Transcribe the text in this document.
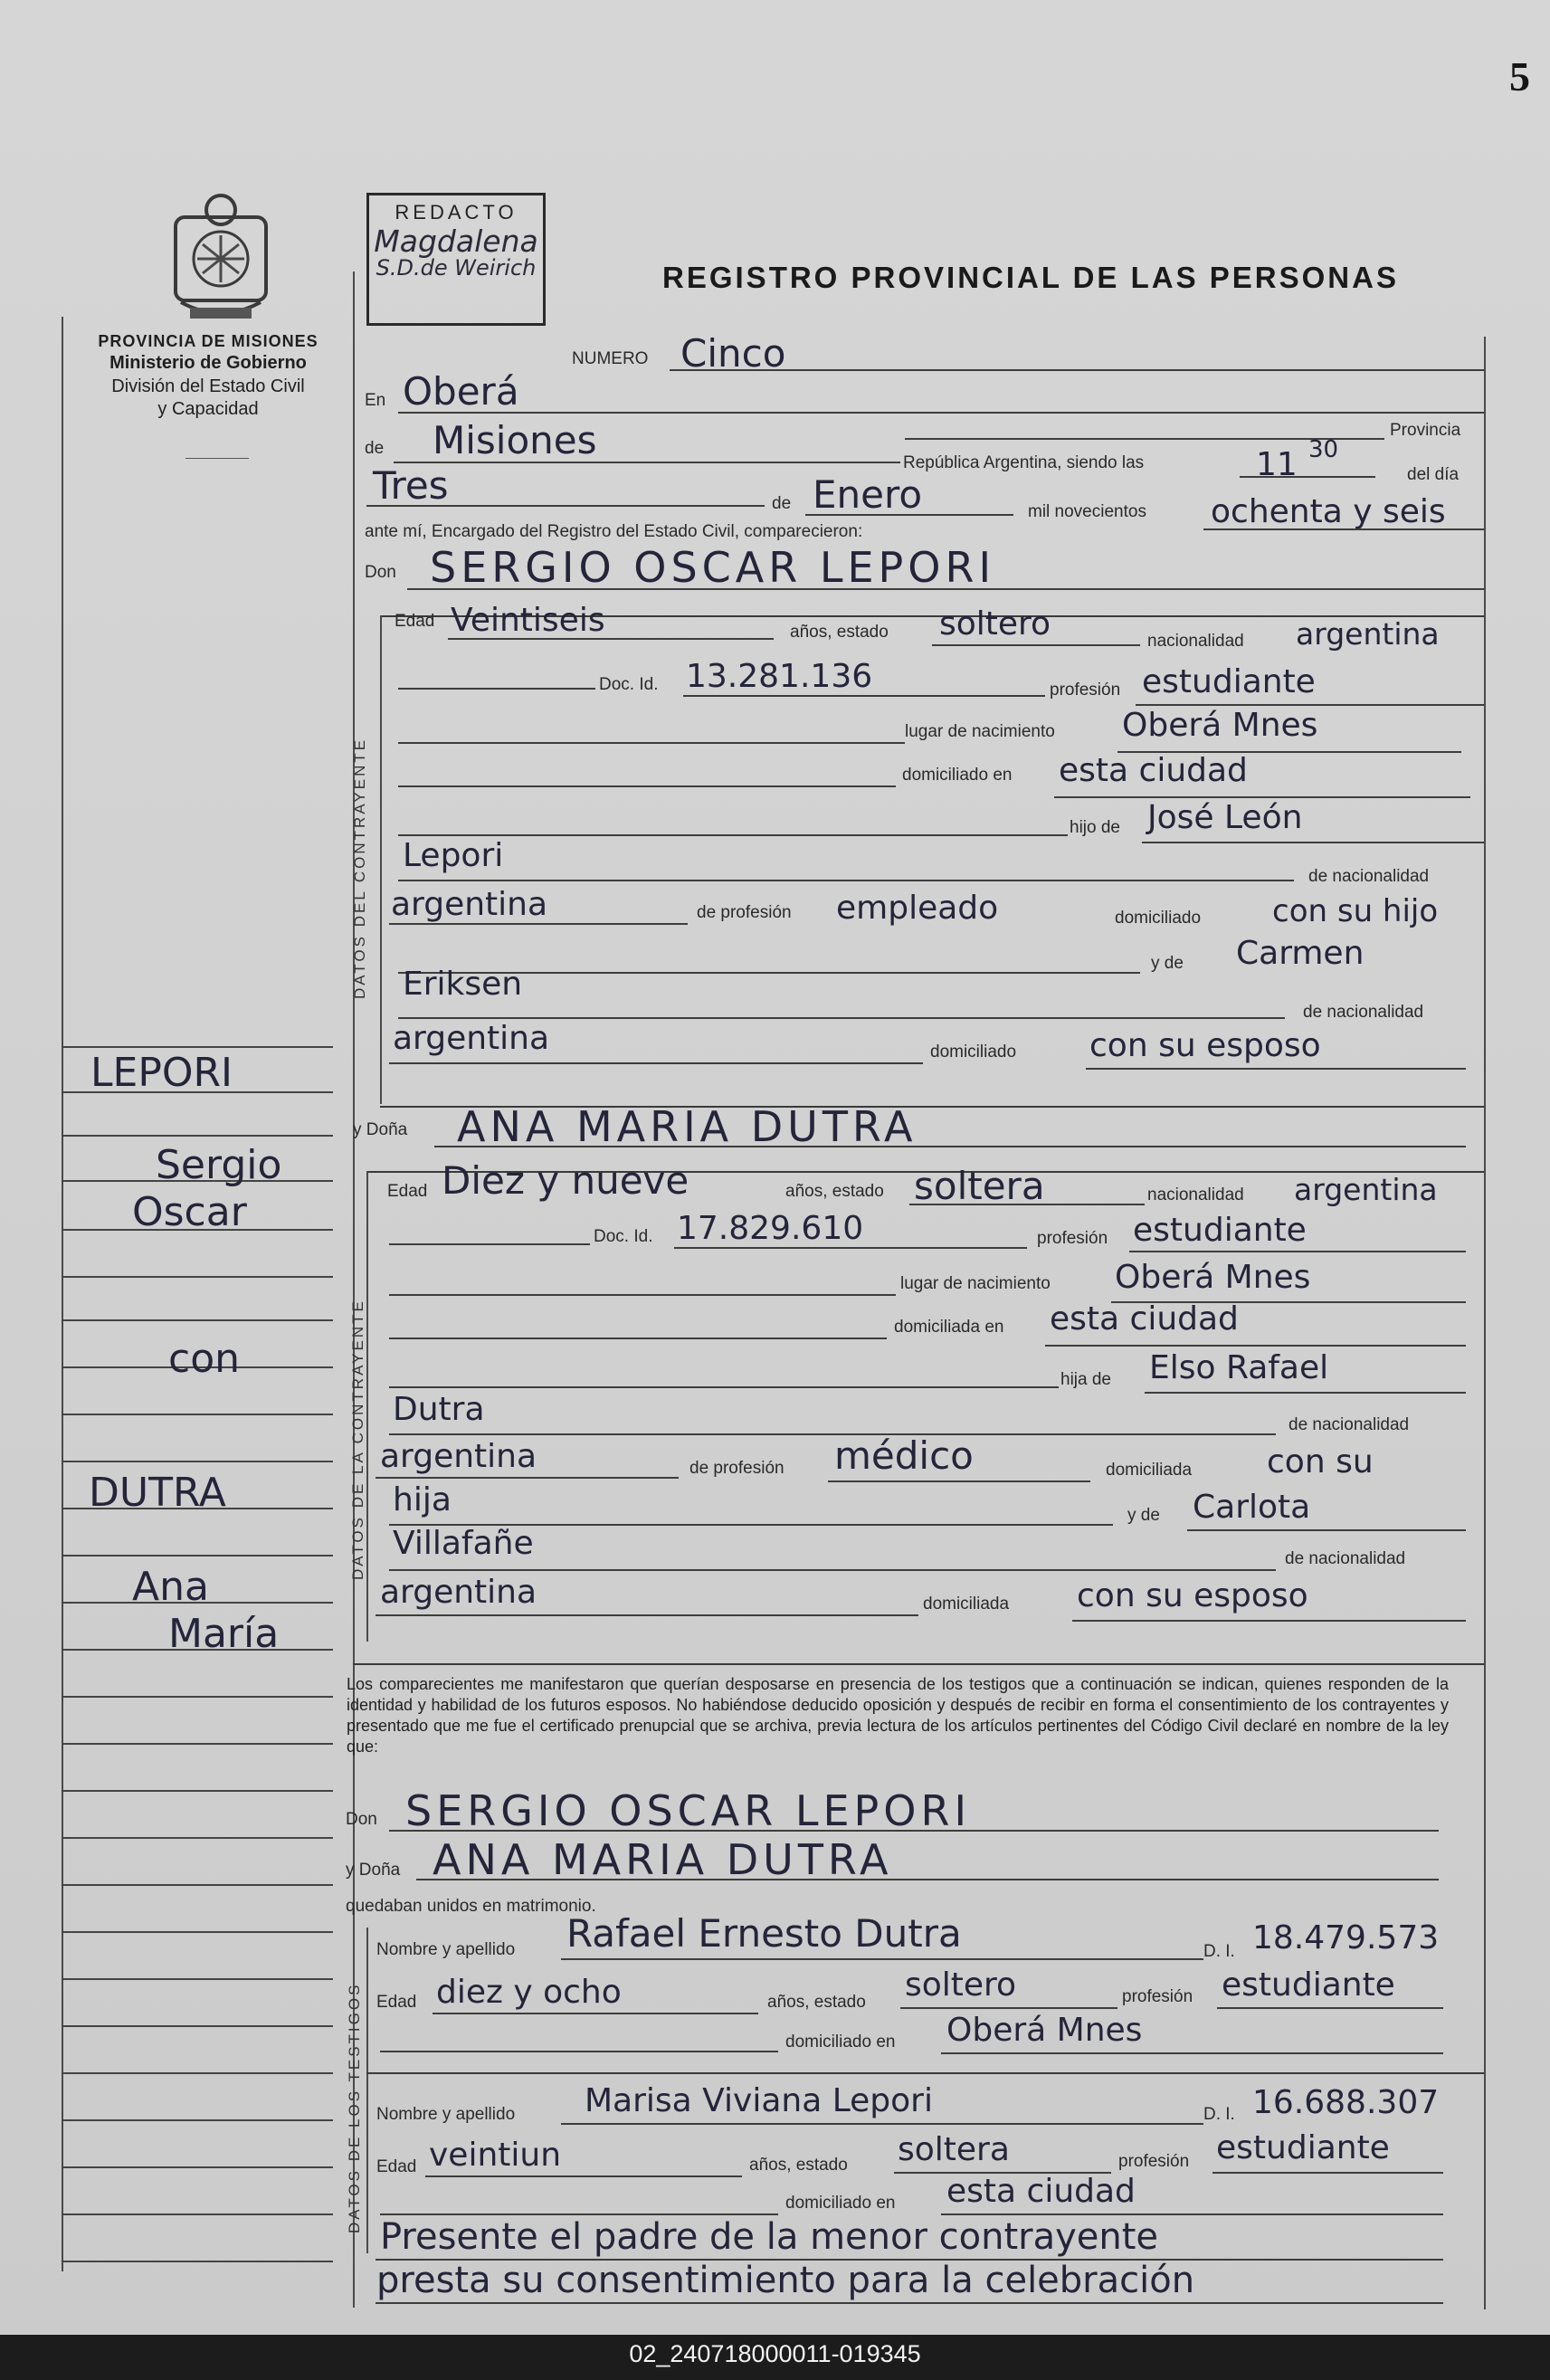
5
PROVINCIA DE MISIONES
Ministerio de Gobierno
División del Estado Civil
y Capacidad
REDACTO
Magdalena
S.D.de Weirich	REGISTRO PROVINCIAL DE LAS PERSONAS
NUMERO Cinco
En Oberá
Provincia
de Misiones
República Argentina, siendo las	11 30
del día
Tres	de Enero	mil novecientos ochenta y seis
ante mí, Encargado del Registro del Estado Civil, comparecieron:
Don SERGIO OSCAR LEPORI
DATOS DEL CONTRAYENTE
Edad Veintiseis	años, estado soltero	nacionalidad argentina
Doc. Id. 13.281.136	profesión estudiante
lugar de nacimiento Oberá Mnes
domiciliado en esta ciudad
hijo de José León
Lepori
de nacionalidad
argentina	de profesión empleado	domiciliado con su hijo
y de Carmen
Eriksen
de nacionalidad
argentina	domiciliado con su esposo
y Doña ANA MARIA DUTRA
DATOS DE LA CONTRAYENTE
Edad Diez y nueve	años, estado soltera	nacionalidad argentina
Doc. Id. 17.829.610	profesión estudiante
lugar de nacimiento Oberá Mnes
domiciliada en esta ciudad
hija de Elso Rafael
Dutra	de nacionalidad
argentina	de profesión médico	domiciliada con su
hija	y de Carlota
Villafañe	de nacionalidad
argentina	domiciliada con su esposo
Los comparecientes me manifestaron que querían desposarse en presencia de los testigos que a continuación se indican, quienes responden de la identidad y habilidad de los futuros esposos. No habiéndose deducido oposición y después de recibir en forma el consentimiento de los contrayentes y presentado que me fue el certificado prenupcial que se archiva, previa lectura de los artículos pertinentes del Código Civil declaré en nombre de la ley que:
Don SERGIO OSCAR LEPORI
y Doña ANA MARIA DUTRA
quedaban unidos en matrimonio.
DATOS DE LOS TESTIGOS
Nombre y apellido Rafael Ernesto Dutra	D. I. 18.479.573
Edad diez y ocho	años, estado soltero	profesión estudiante
domiciliado en Oberá Mnes
Nombre y apellido Marisa Viviana Lepori	D. I. 16.688.307
Edad veintiun	años, estado soltera	profesión estudiante
domiciliado en esta ciudad
Presente el padre de la menor contrayente
presta su consentimiento para la celebración
LEPORI
Sergio
Oscar
con
DUTRA
Ana
María
02_240718000011-019345
